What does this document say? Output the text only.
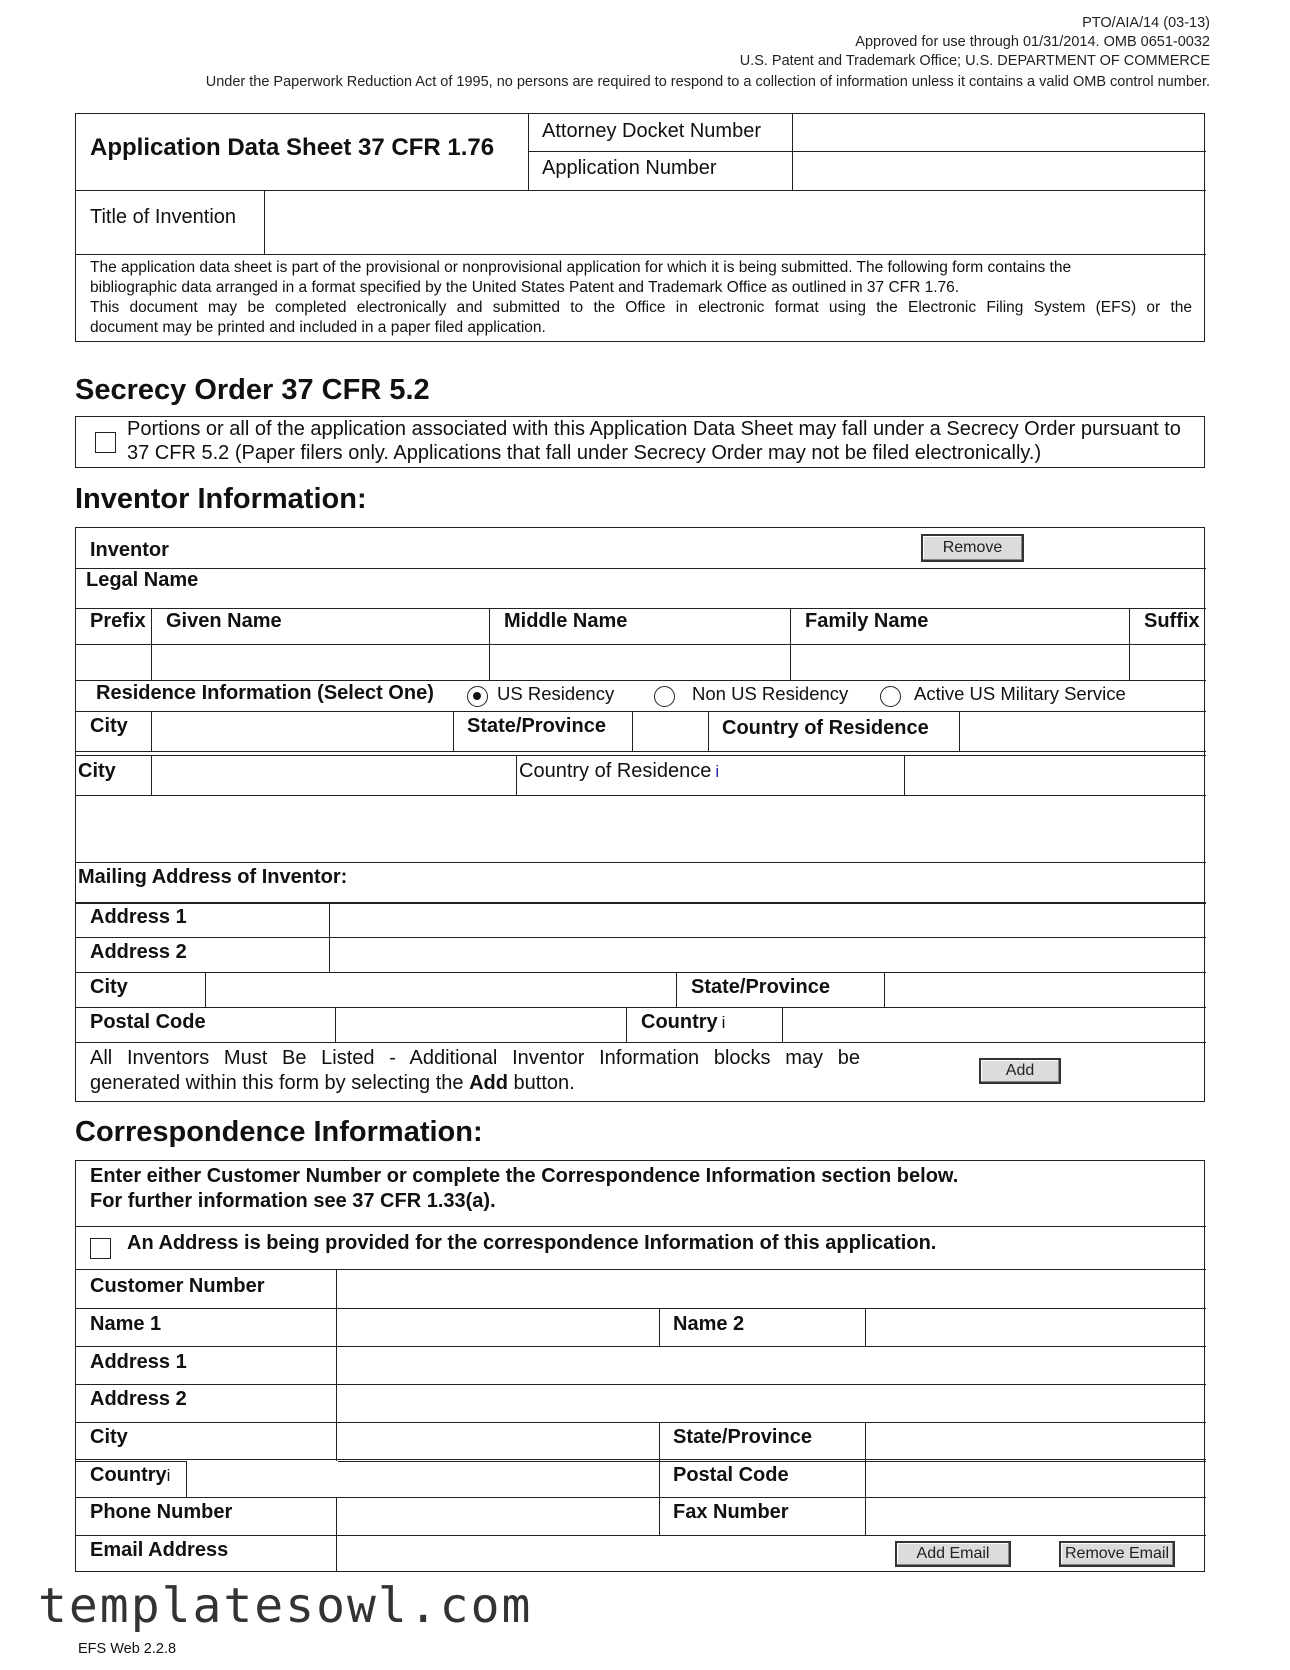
PTO/AIA/14 (03-13)
Approved for use through 01/31/2014. OMB 0651-0032
U.S. Patent and Trademark Office; U.S. DEPARTMENT OF COMMERCE
Under the Paperwork Reduction Act of 1995, no persons are required to respond to a collection of information unless it contains a valid OMB control number.
Application Data Sheet 37 CFR 1.76
Attorney Docket Number
Application Number
Title of Invention
The application data sheet is part of the provisional or nonprovisional application for which it is being submitted. The following form contains the
bibliographic data arranged in a format specified by the United States Patent and Trademark Office as outlined in 37 CFR 1.76.
This document may be completed electronically and submitted to the Office in electronic format using the Electronic Filing System (EFS) or the
document may be printed and included in a paper filed application.
Secrecy Order 37 CFR 5.2
Portions or all of the application associated with this Application Data Sheet may fall under a Secrecy Order pursuant to
37 CFR 5.2 (Paper filers only. Applications that fall under Secrecy Order may not be filed electronically.)
Inventor Information:
Inventor	Remove
Legal Name
Prefix Given Name	Middle Name	Family Name	Suffix
Residence Information (Select One)	US Residency	Non US Residency	Active US Military Service
City	State/Province	Country of Residence
City	Country of Residence i
Mailing Address of Inventor:
Address 1
Address 2
City	State/Province
Postal Code	Country i
All Inventors Must Be Listed - Additional Inventor Information blocks may be
generated within this form by selecting the Add button.
Add
Correspondence Information:
Enter either Customer Number or complete the Correspondence Information section below.
For further information see 37 CFR 1.33(a).
An Address is being provided for the correspondence Information of this application.
Customer Number
Name 1	Name 2
Address 1
Address 2
City	State/Province
Countryi	Postal Code
Phone Number	Fax Number
Email Address	Add Email	Remove Email
templatesowl.com
EFS Web 2.2.8
